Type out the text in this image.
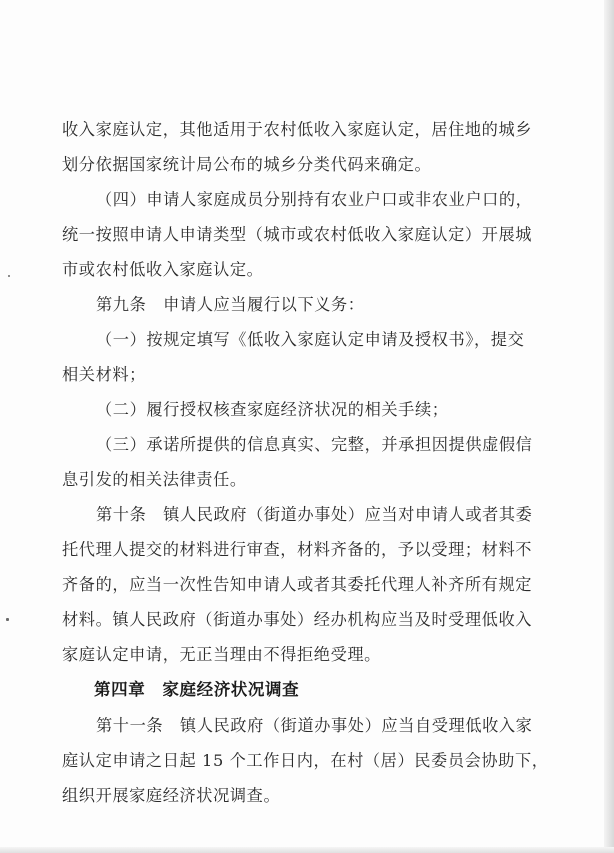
收入家庭认定，其他适用于农村低收入家庭认定，居住地的城乡
划分依据国家统计局公布的城乡分类代码来确定。
（四）申请人家庭成员分别持有农业户口或非农业户口的，
统一按照申请人申请类型（城市或农村低收入家庭认定）开展城
市或农村低收入家庭认定。
第九条　申请人应当履行以下义务：
（一）按规定填写《低收入家庭认定申请及授权书》，提交
相关材料；
（二）履行授权核查家庭经济状况的相关手续；
（三）承诺所提供的信息真实、完整，并承担因提供虚假信
息引发的相关法律责任。
第十条　镇人民政府（街道办事处）应当对申请人或者其委
托代理人提交的材料进行审查，材料齐备的，予以受理；材料不
齐备的，应当一次性告知申请人或者其委托代理人补齐所有规定
材料。镇人民政府（街道办事处）经办机构应当及时受理低收入
家庭认定申请，无正当理由不得拒绝受理。
第四章　家庭经济状况调查
第十一条　镇人民政府（街道办事处）应当自受理低收入家
庭认定申请之日起 15 个工作日内，在村（居）民委员会协助下，
组织开展家庭经济状况调查。
